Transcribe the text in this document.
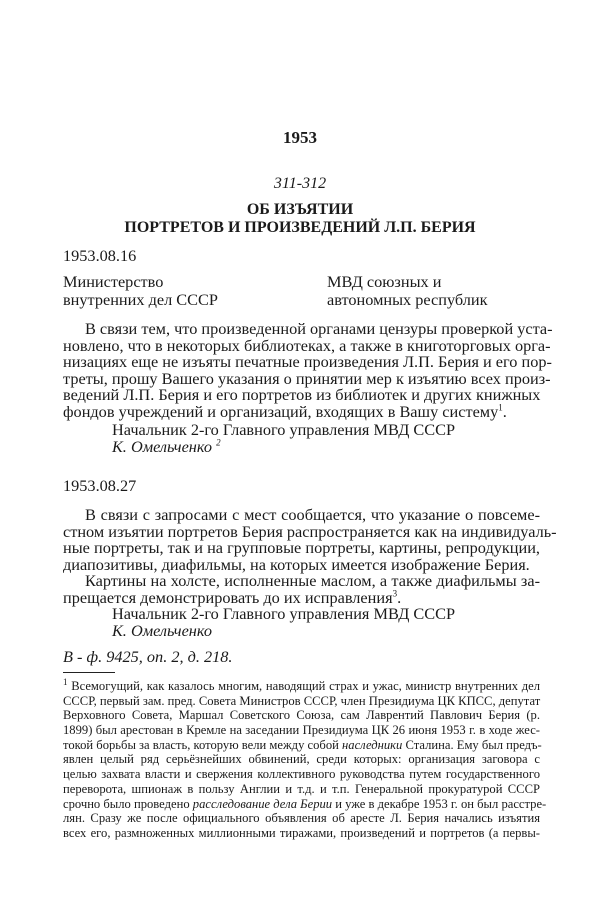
1953
311-312
ОБ ИЗЪЯТИИ
ПОРТРЕТОВ И ПРОИЗВЕДЕНИЙ Л.П. БЕРИЯ
1953.08.16
Министерство
внутренних дел СССР
МВД союзных и
автономных республик
В связи тем, что произведенной органами цензуры проверкой уста-
новлено, что в некоторых библиотеках, а также в книготорговых орга-
низациях еще не изъяты печатные произведения Л.П. Берия и его пор-
треты, прошу Вашего указания о принятии мер к изъятию всех произ-
ведений Л.П. Берия и его портретов из библиотек и других книжных
фондов учреждений и организаций, входящих в Вашу систему$^1$.
Начальник 2-го Главного управления МВД СССР
К. Омельченко $^2$
1953.08.27
В связи с запросами с мест сообщается, что указание о повсеме-
стном изъятии портретов Берия распространяется как на индивидуаль-
ные портреты, так и на групповые портреты, картины, репродукции,
диапозитивы, диафильмы, на которых имеется изображение Берия.
Картины на холсте, исполненные маслом, а также диафильмы за-
прещается демонстрировать до их исправления$^3$.
Начальник 2-го Главного управления МВД СССР
К. Омельченко
В - ф. 9425, оп. 2, д. 218.
$^1$ Всемогущий, как казалось многим, наводящий страх и ужас, министр внутренних дел
СССР, первый зам. пред. Совета Министров СССР, член Президиума ЦК КПСС, депутат
Верховного Совета, Маршал Советского Союза, сам Лаврентий Павлович Берия (р.
1899) был арестован в Кремле на заседании Президиума ЦК 26 июня 1953 г. в ходе жес-
токой борьбы за власть, которую вели между собой наследники Сталина. Ему был предъ-
явлен целый ряд серьёзнейших обвинений, среди которых: организация заговора с
целью захвата власти и свержения коллективного руководства путем государственного
переворота, шпионаж в пользу Англии и т.д. и т.п. Генеральной прокуратурой СССР
срочно было проведено расследование дела Берии и уже в декабре 1953 г. он был расстре-
лян. Сразу же после официального объявления об аресте Л. Берия начались изъятия
всех его, размноженных миллионными тиражами, произведений и портретов (а первы-
